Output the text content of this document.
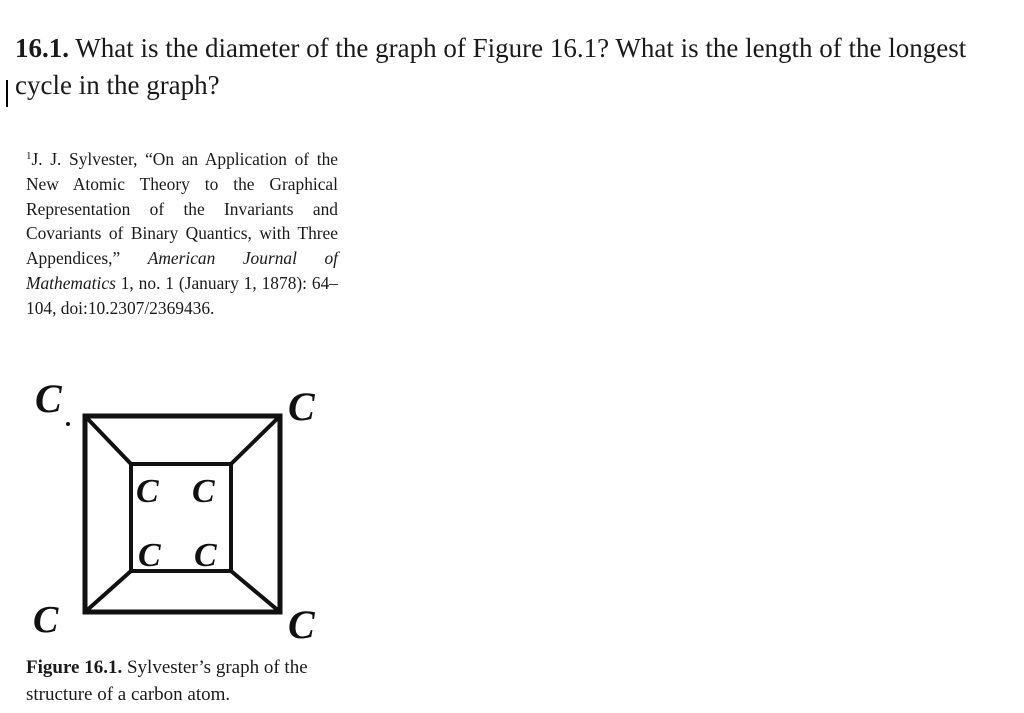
16.1. What is the diameter of the graph of Figure 16.1? What is the length of the longest cycle in the graph?
$^1$J. J. Sylvester, “On an Application of the New Atomic Theory to the Graphical Representation of the Invariants and Covariants of Binary Quantics, with Three Appendices,” American Journal of Mathematics 1, no. 1 (January 1, 1878): 64–104, doi:10.2307/2369436.
C	C
C	C
C C
C C
Figure 16.1. Sylvester’s graph of the structure of a carbon atom.
